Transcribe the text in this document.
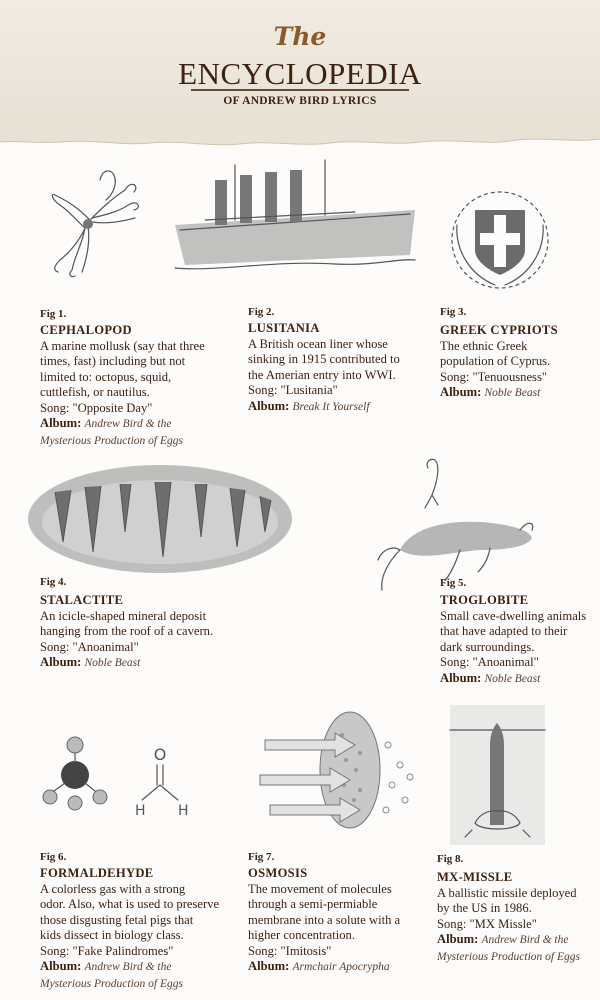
The
ENCYCLOPEDIA
OF ANDREW BIRD LYRICS
O
H H
Fig 1.
CEPHALOPOD
A marine mollusk (say that three
times, fast) including but not
limited to: octopus, squid,
cuttlefish, or nautilus.
Song: "Opposite Day"
Album: Andrew Bird & the
Mysterious Production of Eggs
Fig 2.
LUSITANIA
A British ocean liner whose
sinking in 1915 contributed to
the Amerian entry into WWI.
Song: "Lusitania"
Album: Break It Yourself
Fig 3.
GREEK CYPRIOTS
The ethnic Greek
population of Cyprus.
Song: "Tenuousness"
Album: Noble Beast
Fig 4.
STALACTITE
An icicle-shaped mineral deposit
hanging from the roof of a cavern.
Song: "Anoanimal"
Album: Noble Beast
Fig 5.
TROGLOBITE
Small cave-dwelling animals
that have adapted to their
dark surroundings.
Song: "Anoanimal"
Album: Noble Beast
Fig 6.
FORMALDEHYDE
A colorless gas with a strong
odor. Also, what is used to preserve
those disgusting fetal pigs that
kids dissect in biology class.
Song: "Fake Palindromes"
Album: Andrew Bird & the
Mysterious Production of Eggs
Fig 7.
OSMOSIS
The movement of molecules
through a semi-permiable
membrane into a solute with a
higher concentration.
Song: "Imitosis"
Album: Armchair Apocrypha
Fig 8.
MX-MISSLE
A ballistic missile deployed
by the US in 1986.
Song: "MX Missle"
Album: Andrew Bird & the
Mysterious Production of Eggs
